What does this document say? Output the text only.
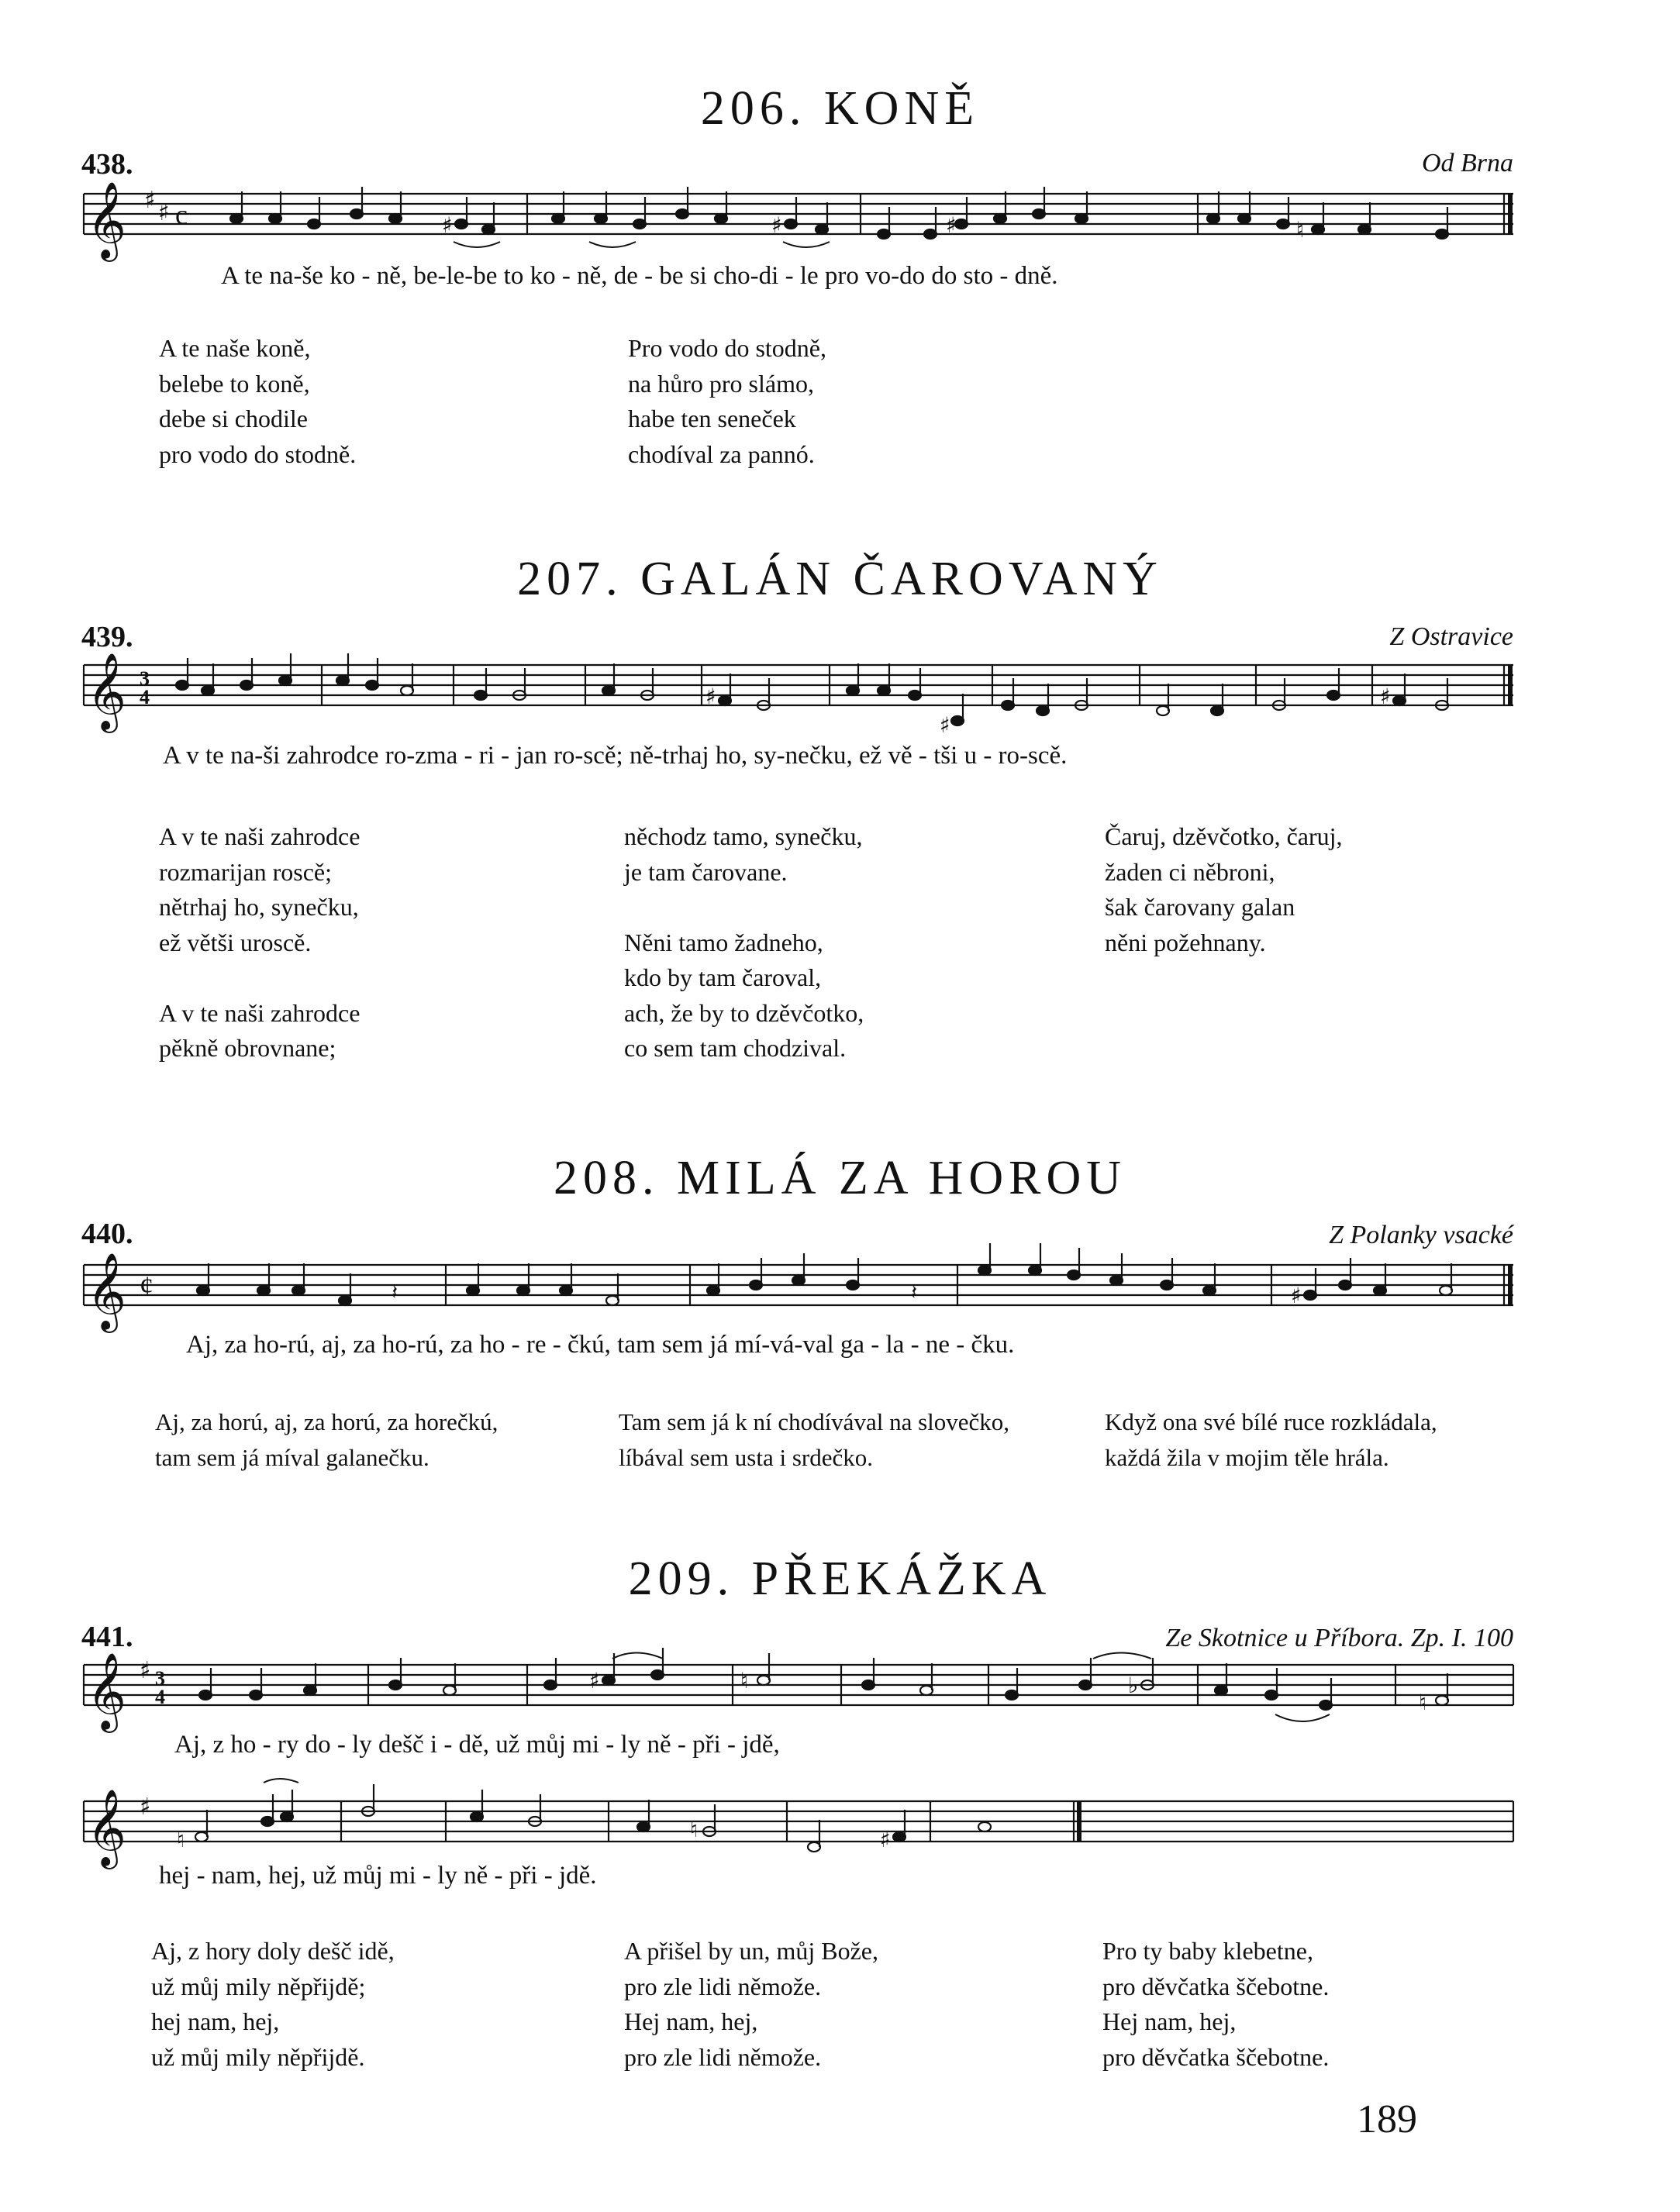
206. KONĚ
438.	Od Brna
𝄞 ♯ ♯ c	♯	♯	♯	♮
𝄞 3
4	♯
♯
♯
𝄞 ¢	♯
𝄽	𝄽
𝄞 ♯ 3
4
♯	♮	♭
♮
𝄞 ♯
♮	♮	♯
A te na-še ko - ně, be-le-be to ko - ně, de - be si cho-di - le pro vo-do do sto - dně.
A te naše koně,
belebe to koně,
debe si chodile
pro vodo do stodně.
Pro vodo do stodně,
na hůro pro slámo,
habe ten seneček
chodíval za pannó.
207. GALÁN ČAROVANÝ
439.	Z Ostravice
A v te na-ši zahrodce ro-zma - ri - jan ro-scě; ně-trhaj ho, sy-nečku, ež vě - tši u - ro-scě.
A v te naši zahrodce
rozmarijan roscě;
nětrhaj ho, synečku,
ež větši uroscě.
A v te naši zahrodce
pěkně obrovnane;
něchodz tamo, synečku,
je tam čarovane.
Něni tamo žadneho,
kdo by tam čaroval,
ach, že by to dzěvčotko,
co sem tam chodzival.
Čaruj, dzěvčotko, čaruj,
žaden ci něbroni,
šak čarovany galan
něni požehnany.
208. MILÁ ZA HOROU
440.	Z Polanky vsacké
Aj, za ho-rú, aj, za ho-rú, za ho - re - čkú, tam sem já mí-vá-val ga - la - ne - čku.
Aj, za horú, aj, za horú, za horečkú,
tam sem já míval galanečku.
Tam sem já k ní chodívával na slovečko,
líbával sem usta i srdečko.
Když ona své bílé ruce rozkládala,
každá žila v mojim těle hrála.
209. PŘEKÁŽKA
441.	Ze Skotnice u Příbora. Zp. I. 100
Aj, z ho - ry do - ly dešč i - dě, už můj mi - ly ně - při - jdě,
hej - nam, hej, už můj mi - ly ně - při - jdě.
Aj, z hory doly dešč idě,
už můj mily něpřijdě;
hej nam, hej,
už můj mily něpřijdě.
A přišel by un, můj Bože,
pro zle lidi němože.
Hej nam, hej,
pro zle lidi němože.
Pro ty baby klebetne,
pro děvčatka ščebotne.
Hej nam, hej,
pro děvčatka ščebotne.
189
